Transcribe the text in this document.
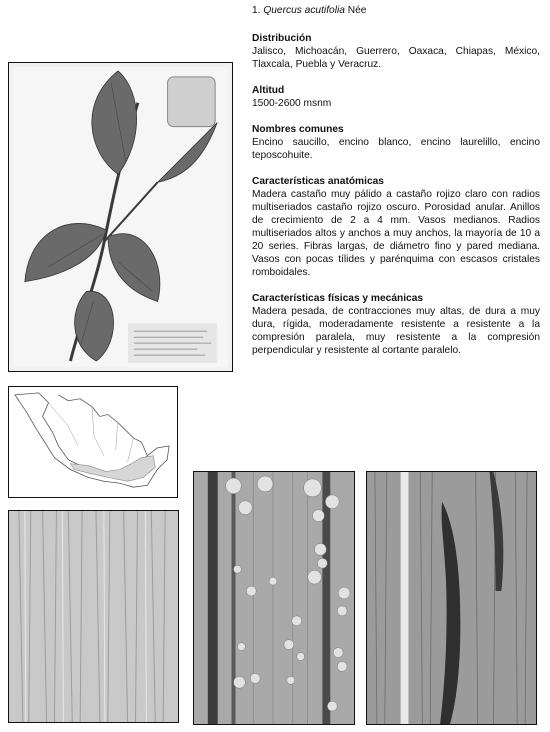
1. Quercus acutifolia Née
Distribución

Jalisco, Michoacán, Guerrero, Oaxaca, Chiapas, México, Tlaxcala, Puebla y Veracruz.

Altitud

1500-2600 msnm

Nombres comunes

Encino saucillo, encino blanco, encino laurelillo, encino teposcohuite.

Características anatómicas

Madera castaño muy pálido a castaño rojizo claro con radios multiseriados castaño rojizo oscuro. Porosidad anular. Anillos de crecimiento de 2 a 4 mm. Vasos medianos. Radios multiseriados altos y anchos a muy anchos, la mayoría de 10 a 20 series. Fibras largas, de diámetro fino y pared mediana. Vasos con pocas tílides y parénquima con escasos cristales romboidales.

Características físicas y mecánicas

Madera pesada, de contracciones muy altas, de dura a muy dura, rígida, moderadamente resistente a resistente a la compresión paralela, muy resistente a la compresión perpendicular y resistente al cortante paralelo.
